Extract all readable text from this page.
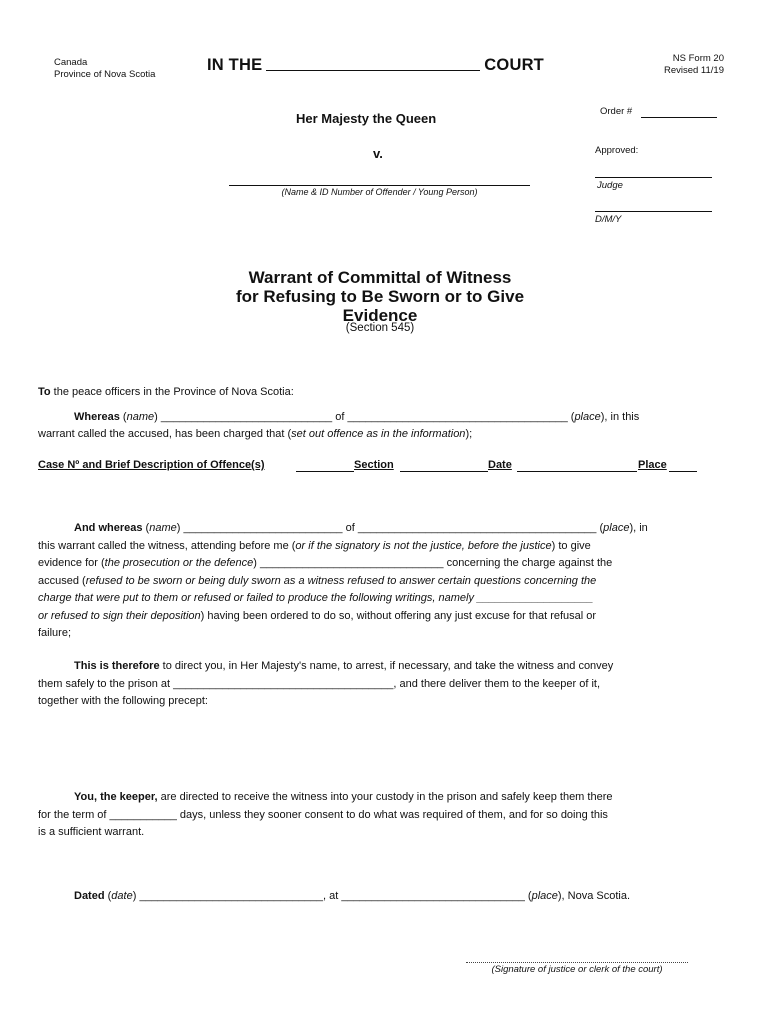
Canada
Province of Nova Scotia
IN THE	COURT	NS Form 20
Revised 11/19
Her Majesty the Queen
v.
(Name & ID Number of Offender / Young Person)
Order #
Approved:
Judge
D/M/Y
Warrant of Committal of Witness
for Refusing to Be Sworn or to Give
Evidence
(Section 545)
To the peace officers in the Province of Nova Scotia:
Whereas (name) ____________________________ of ____________________________________ (place), in this
warrant called the accused, has been charged that (set out offence as in the information);
Case Nº and Brief Description of Offence(s)	Section	Date	Place
And whereas (name) __________________________ of _______________________________________ (place), in
this warrant called the witness, attending before me (or if the signatory is not the justice, before the justice) to give
evidence for (the prosecution or the defence) ______________________________ concerning the charge against the
accused (refused to be sworn or being duly sworn as a witness refused to answer certain questions concerning the
charge that were put to them or refused or failed to produce the following writings, namely ___________________
or refused to sign their deposition) having been ordered to do so, without offering any just excuse for that refusal or
failure;
This is therefore to direct you, in Her Majesty's name, to arrest, if necessary, and take the witness and convey
them safely to the prison at ____________________________________, and there deliver them to the keeper of it,
together with the following precept:
You, the keeper, are directed to receive the witness into your custody in the prison and safely keep them there
for the term of ___________ days, unless they sooner consent to do what was required of them, and for so doing this
is a sufficient warrant.
Dated (date) ______________________________, at ______________________________ (place), Nova Scotia.
(Signature of justice or clerk of the court)
